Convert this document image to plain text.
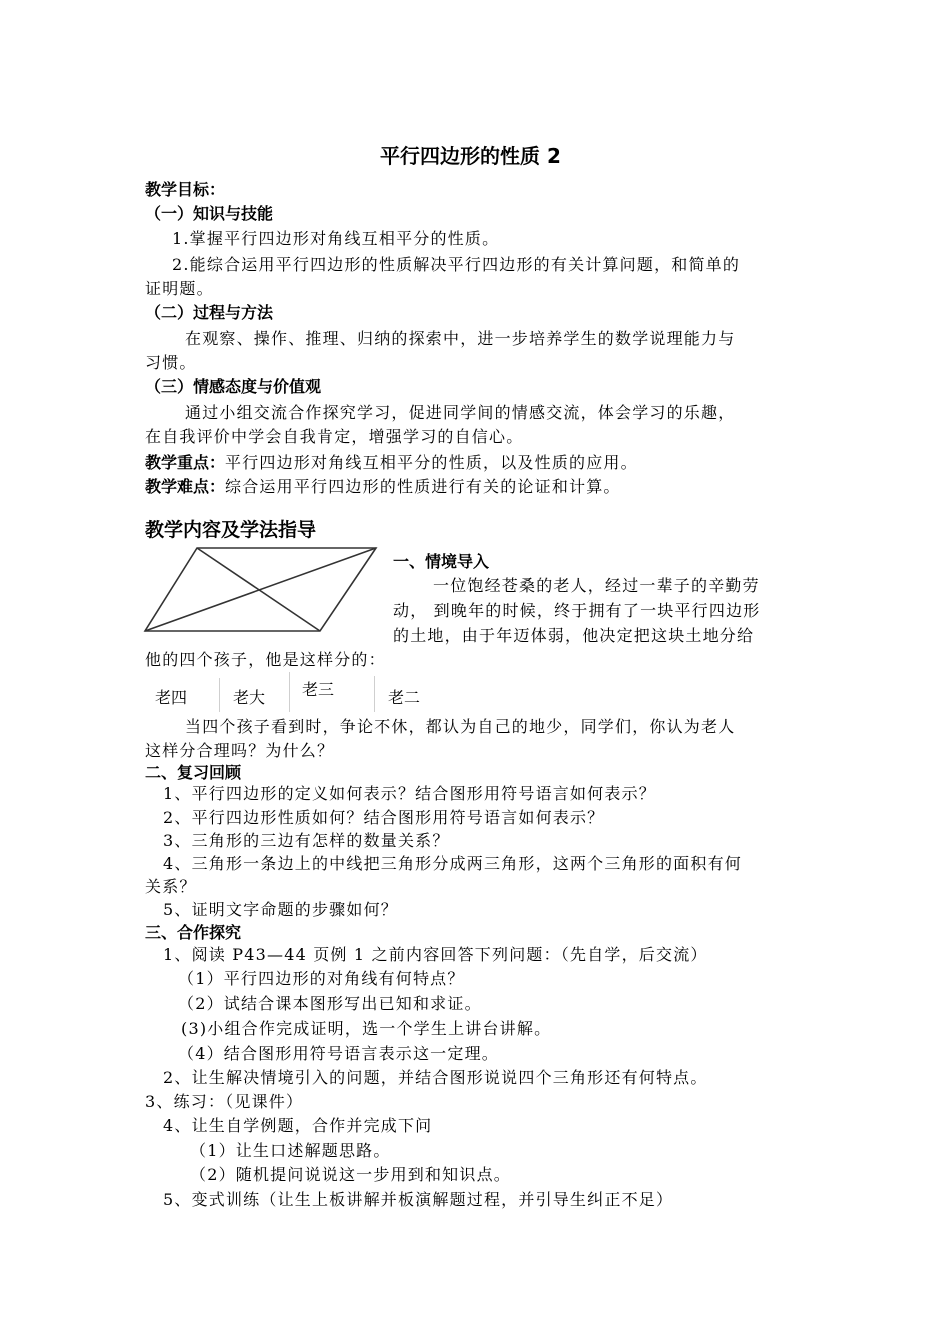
平行四边形的性质 2
教学目标：
（一）知识与技能
1.掌握平行四边形对角线互相平分的性质。
2.能综合运用平行四边形的性质解决平行四边形的有关计算问题，和简单的
证明题。
（二）过程与方法
在观察、操作、推理、归纳的探索中，进一步培养学生的数学说理能力与
习惯。
（三）情感态度与价值观
通过小组交流合作探究学习，促进同学间的情感交流，体会学习的乐趣，
在自我评价中学会自我肯定，增强学习的自信心。
教学重点：平行四边形对角线互相平分的性质，以及性质的应用。
教学难点：综合运用平行四边形的性质进行有关的论证和计算。
教学内容及学法指导
一、情境导入
一位饱经苍桑的老人，经过一辈子的辛勤劳
动， 到晚年的时候，终于拥有了一块平行四边形
的土地，由于年迈体弱，他决定把这块土地分给
他的四个孩子，他是这样分的：
老四	老大 老三	老二
当四个孩子看到时，争论不休，都认为自己的地少，同学们，你认为老人
这样分合理吗？为什么？
二、复习回顾
1、平行四边形的定义如何表示？结合图形用符号语言如何表示？
2、平行四边形性质如何？结合图形用符号语言如何表示？
3、三角形的三边有怎样的数量关系？
4、三角形一条边上的中线把三角形分成两三角形，这两个三角形的面积有何
关系？
5、证明文字命题的步骤如何？
三、合作探究
1、阅读 P43—44 页例 1 之前内容回答下列问题：（先自学，后交流）
（1）平行四边形的对角线有何特点？
（2）试结合课本图形写出已知和求证。
(3)小组合作完成证明，选一个学生上讲台讲解。
（4）结合图形用符号语言表示这一定理。
2、让生解决情境引入的问题，并结合图形说说四个三角形还有何特点。
3、练习：（见课件）
4、让生自学例题，合作并完成下问
（1）让生口述解题思路。
（2）随机提问说说这一步用到和知识点。
5、变式训练（让生上板讲解并板演解题过程，并引导生纠正不足）
